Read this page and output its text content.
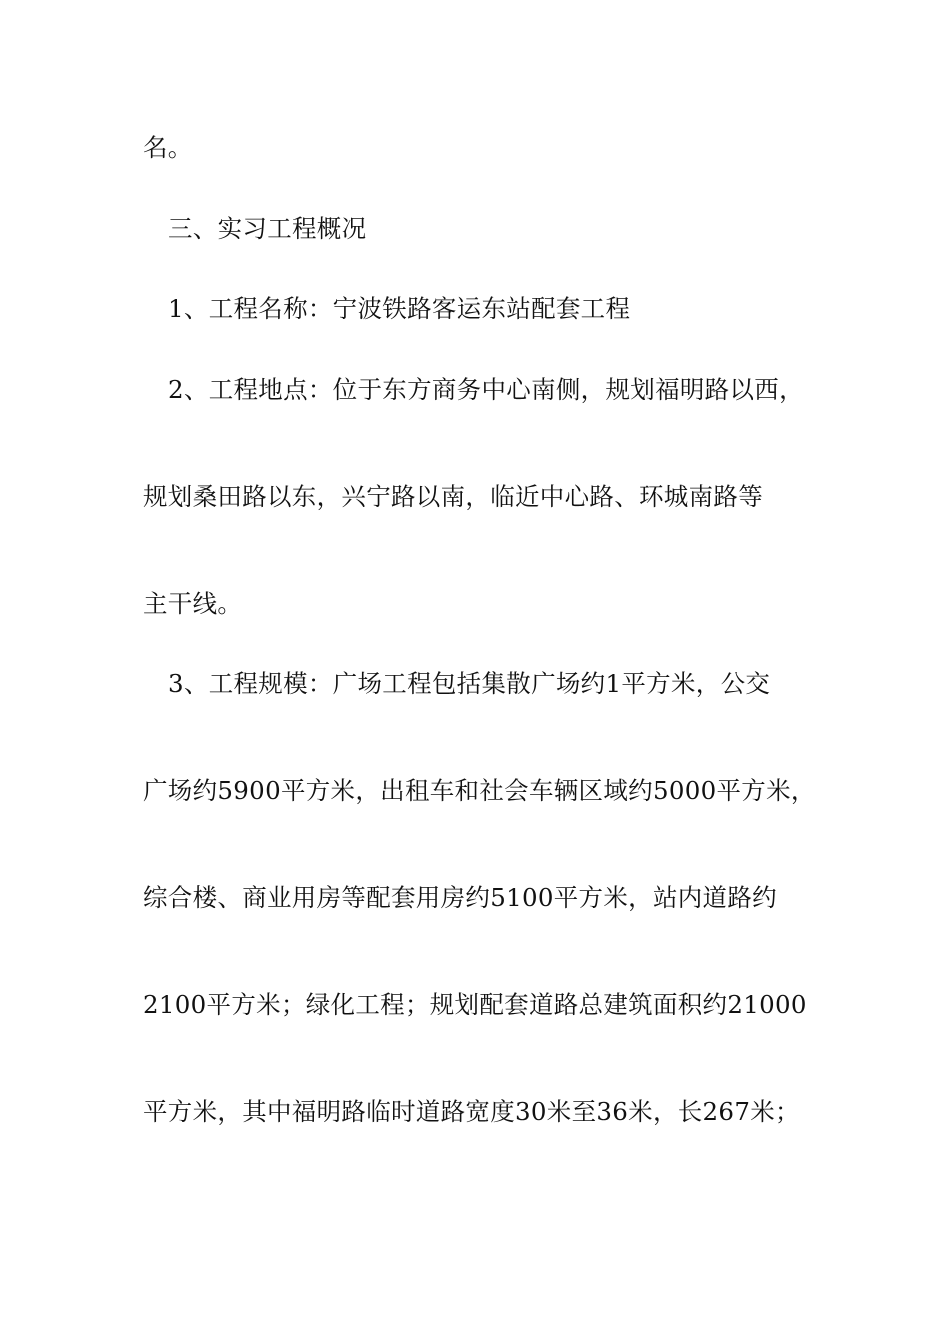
名。
三、实习工程概况
1、工程名称：宁波铁路客运东站配套工程
2、工程地点：位于东方商务中心南侧，规划福明路以西，
规划桑田路以东，兴宁路以南，临近中心路、环城南路等
主干线。
3、工程规模：广场工程包括集散广场约1平方米，公交
广场约5900平方米，出租车和社会车辆区域约5000平方米，
综合楼、商业用房等配套用房约5100平方米，站内道路约
2100平方米；绿化工程；规划配套道路总建筑面积约21000
平方米，其中福明路临时道路宽度30米至36米，长267米；
